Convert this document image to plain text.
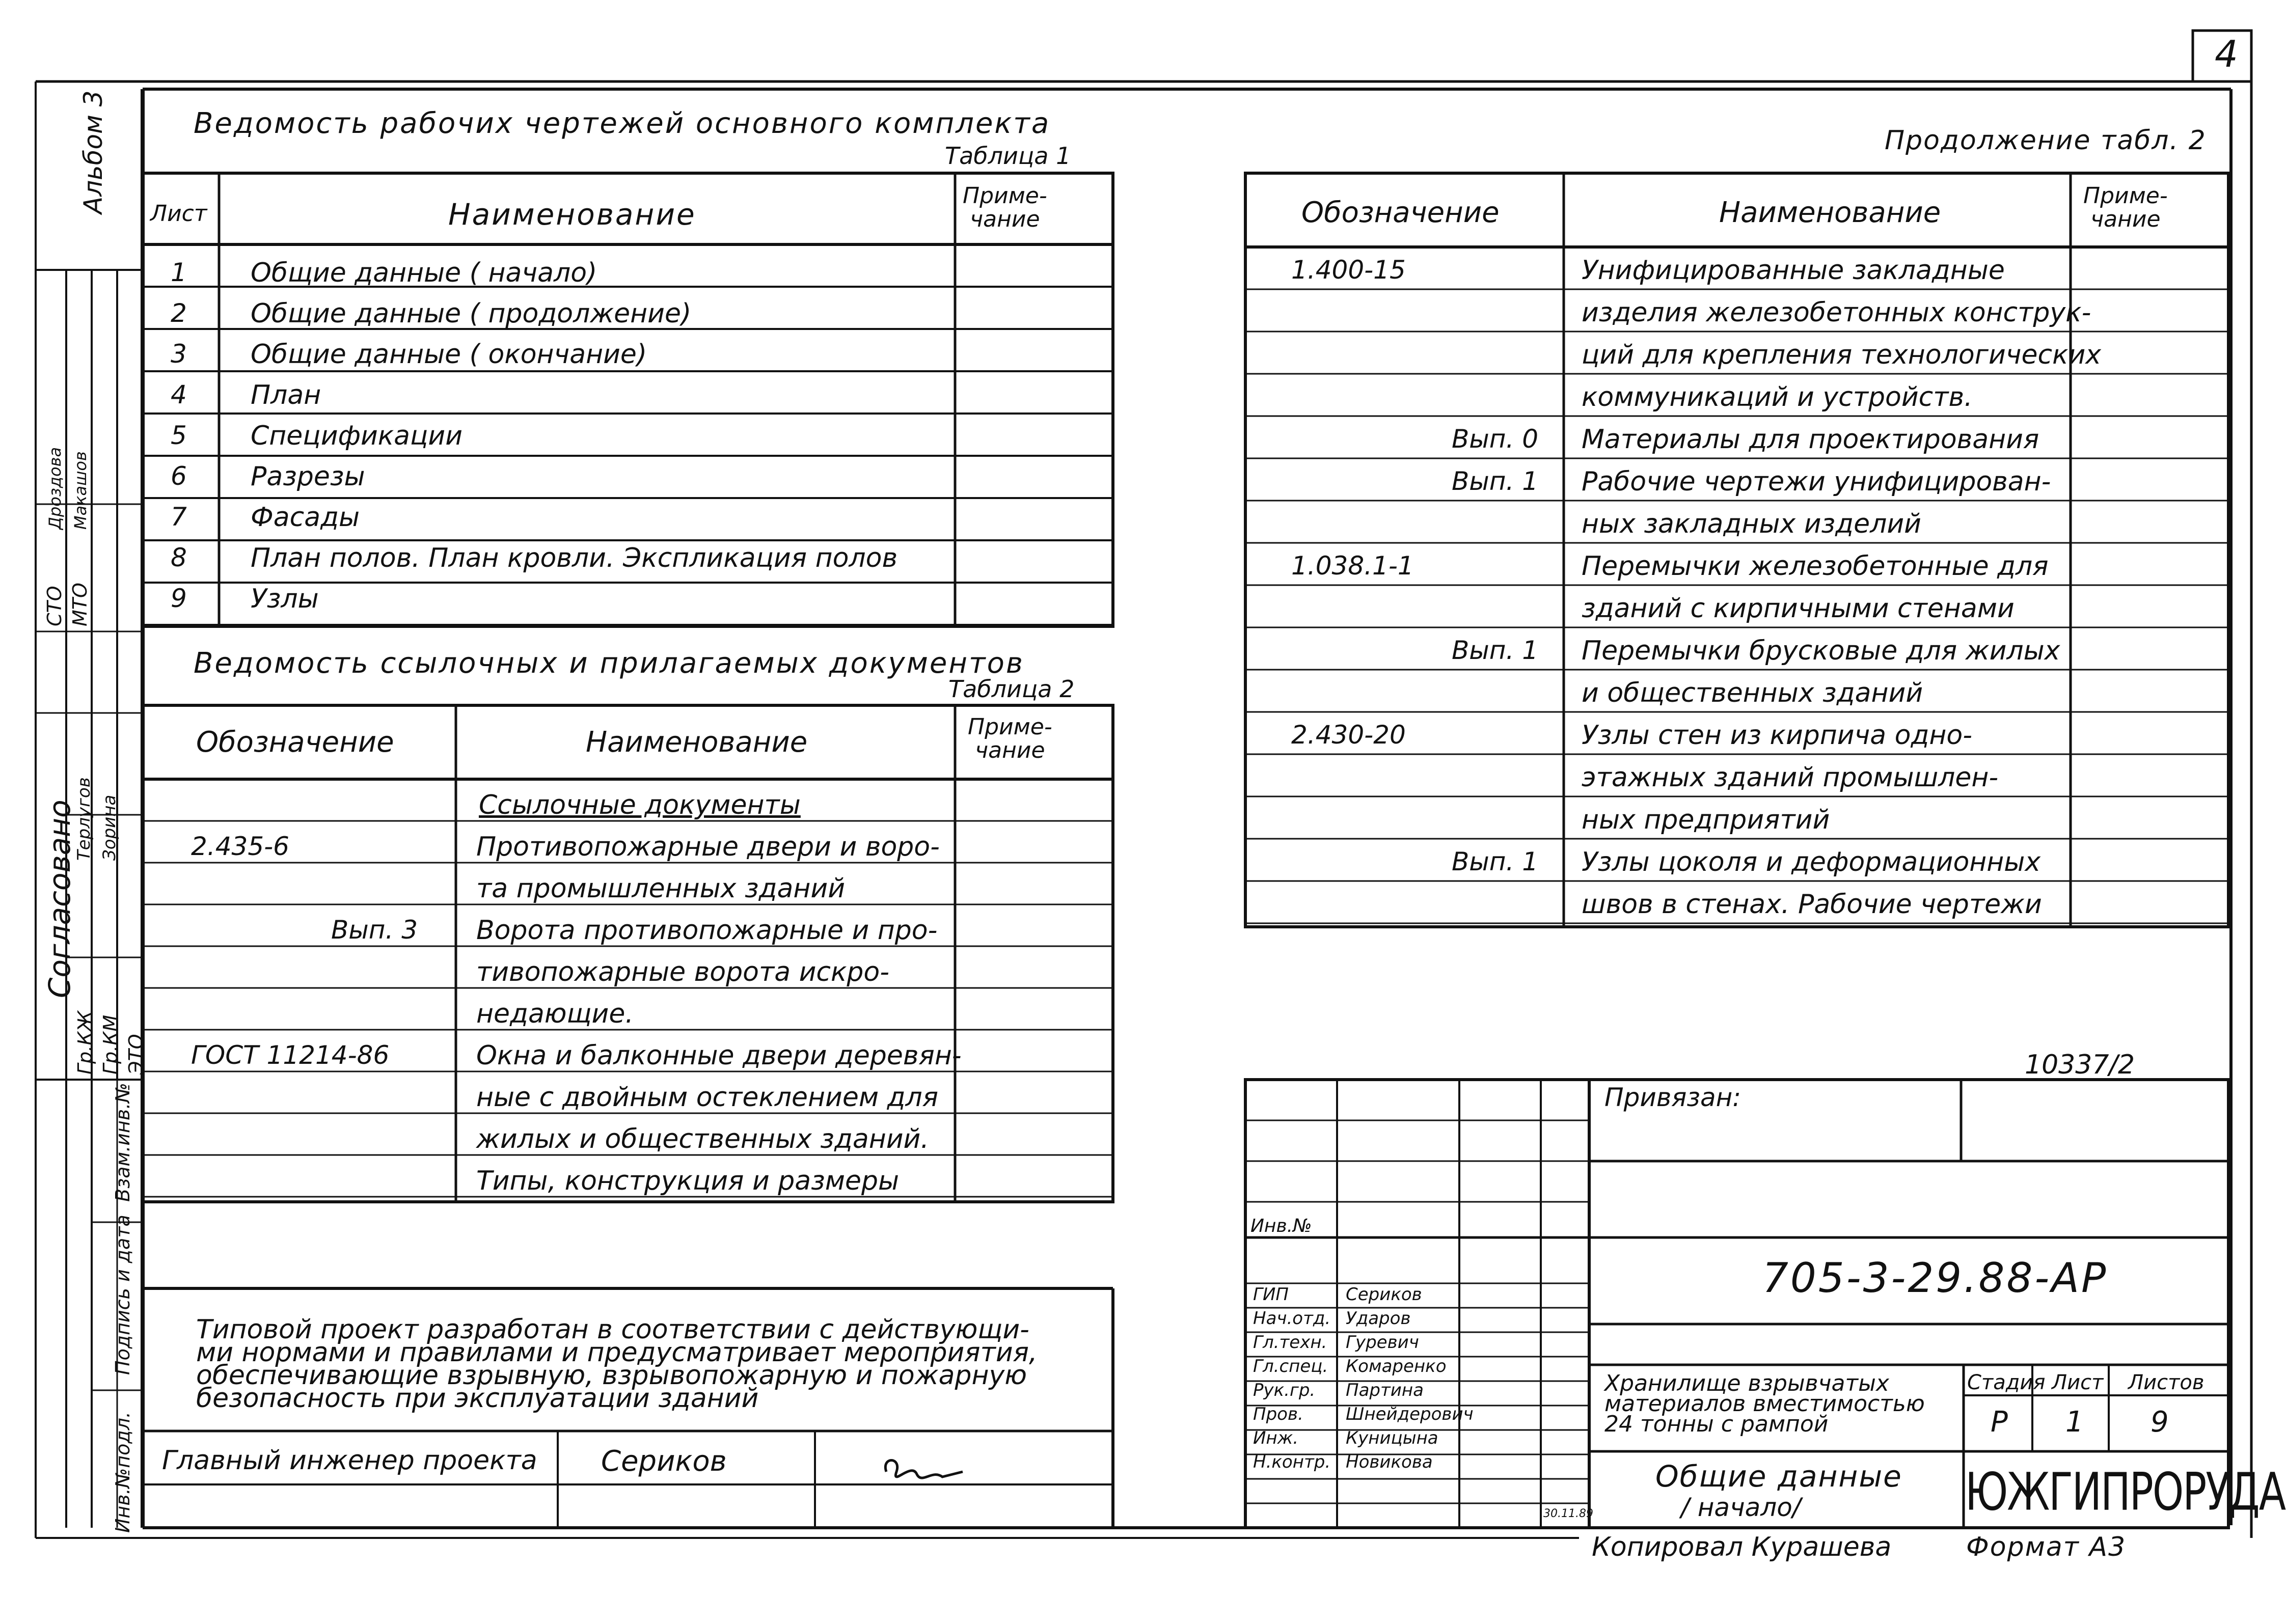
4
Альбом 3
Согласовано
Гр.КЖ Гр.КМ ЭТО
СТО МТО
Терлугов Зорина
Дроздова Макашов
Взам.инв.№
Подпись и дата
Инв.№подл.
Ведомость рабочих чертежей основного комплекта
Таблица 1
Лист	Наименование
Приме-
чание
1 Общие данные ( начало)
2 Общие данные ( продолжение)
3 Общие данные ( окончание)
4 План
5 Спецификации
6 Разрезы
7 Фасады
8 План полов. План кровли. Экспликация полов
9 Узлы
Ведомость ссылочных и прилагаемых документов
Таблица 2
Обозначение	Наименование	Приме-
чание
Ссылочные документы
2.435-6	Противопожарные двери и воро-
та промышленных зданий
Вып. 3 Ворота противопожарные и про-
тивопожарные ворота искро-
недающие.
ГОСТ 11214-86	Окна и балконные двери деревян-
ные с двойным остеклением для
жилых и общественных зданий.
Типы, конструкция и размеры
Продолжение табл. 2
Обозначение	Наименование
Приме-
чание
1.400-15	Унифицированные закладные
изделия железобетонных конструк-
ций для крепления технологических
коммуникаций и устройств.
Вып. 0 Материалы для проектирования
Вып. 1 Рабочие чертежи унифицирован-
ных закладных изделий
1.038.1-1	Перемычки железобетонные для
зданий с кирпичными стенами
Вып. 1 Перемычки брусковые для жилых
и общественных зданий
2.430-20	Узлы стен из кирпича одно-
этажных зданий промышлен-
ных предприятий
Вып. 1 Узлы цоколя и деформационных
швов в стенах. Рабочие чертежи
Типовой проект разработан в соответствии с действующи-
ми нормами и правилами и предусматривает мероприятия,
обеспечивающие взрывную, взрывопожарную и пожарную
безопасность при эксплуатации зданий
Главный инженер проекта Сериков
10337/2
Привязан:
Инв.№
705-3-29.88-АР
ГИП	Сериков
Нач.отд. Ударов
Гл.техн. Гуревич
Гл.спец. Комаренко
Рук.гр. Партина
Пров. Шнейдерович
Инж.	Куницына
Н.контр. Новикова
30.11.89
Хранилище взрывчатых
материалов вместимостью
24 тонны с рампой
Стадия Лист Листов
Р 1 9
Общие данные
/ начало/	ЮЖГИПРОРУДА
Копировал Курашева	Формат А3
